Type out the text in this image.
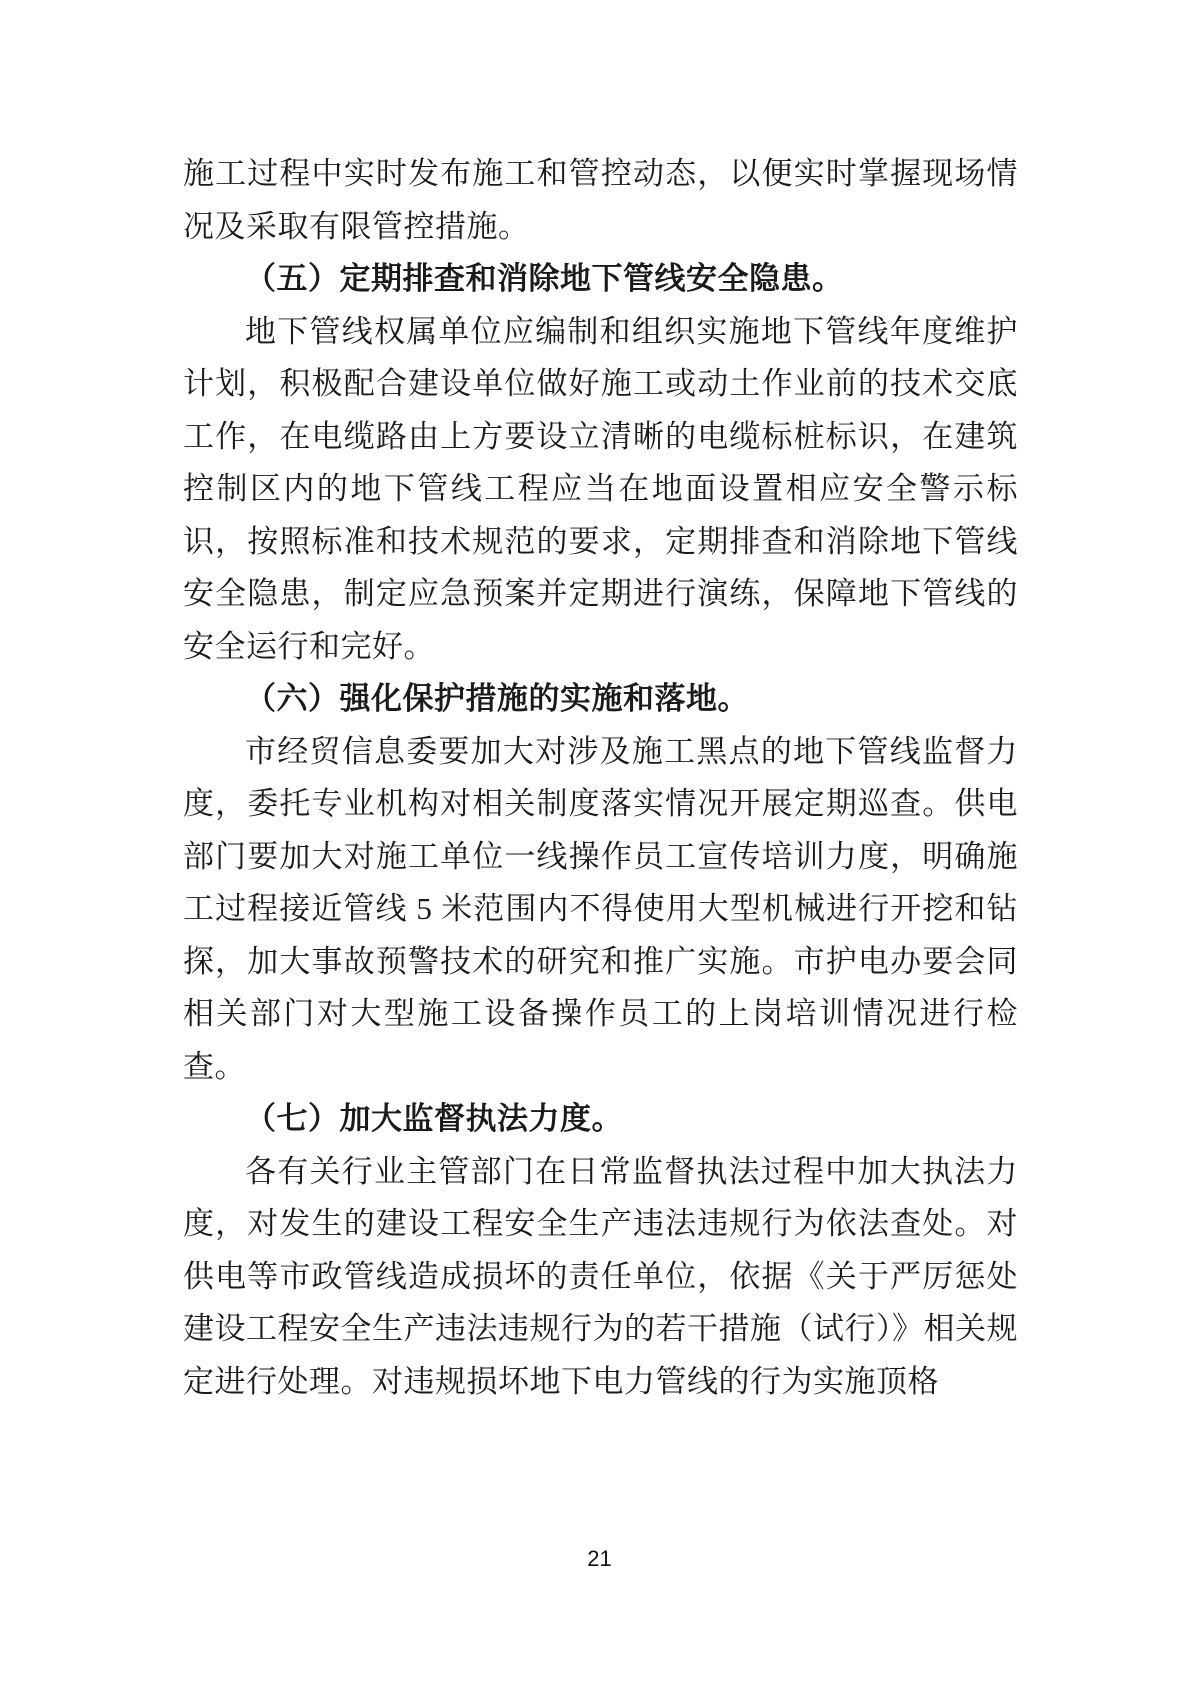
施工过程中实时发布施工和管控动态，以便实时掌握现场情况及采取有限管控措施。

（五）定期排查和消除地下管线安全隐患。

地下管线权属单位应编制和组织实施地下管线年度维护计划，积极配合建设单位做好施工或动土作业前的技术交底工作，在电缆路由上方要设立清晰的电缆标桩标识，在建筑控制区内的地下管线工程应当在地面设置相应安全警示标识，按照标准和技术规范的要求，定期排查和消除地下管线安全隐患，制定应急预案并定期进行演练，保障地下管线的安全运行和完好。

（六）强化保护措施的实施和落地。

市经贸信息委要加大对涉及施工黑点的地下管线监督力度，委托专业机构对相关制度落实情况开展定期巡查。供电部门要加大对施工单位一线操作员工宣传培训力度，明确施工过程接近管线 5 米范围内不得使用大型机械进行开挖和钻探，加大事故预警技术的研究和推广实施。市护电办要会同相关部门对大型施工设备操作员工的上岗培训情况进行检查。

（七）加大监督执法力度。

各有关行业主管部门在日常监督执法过程中加大执法力度，对发生的建设工程安全生产违法违规行为依法查处。对供电等市政管线造成损坏的责任单位，依据《关于严厉惩处建设工程安全生产违法违规行为的若干措施（试行）》相关规定进行处理。对违规损坏地下电力管线的行为实施顶格

21
